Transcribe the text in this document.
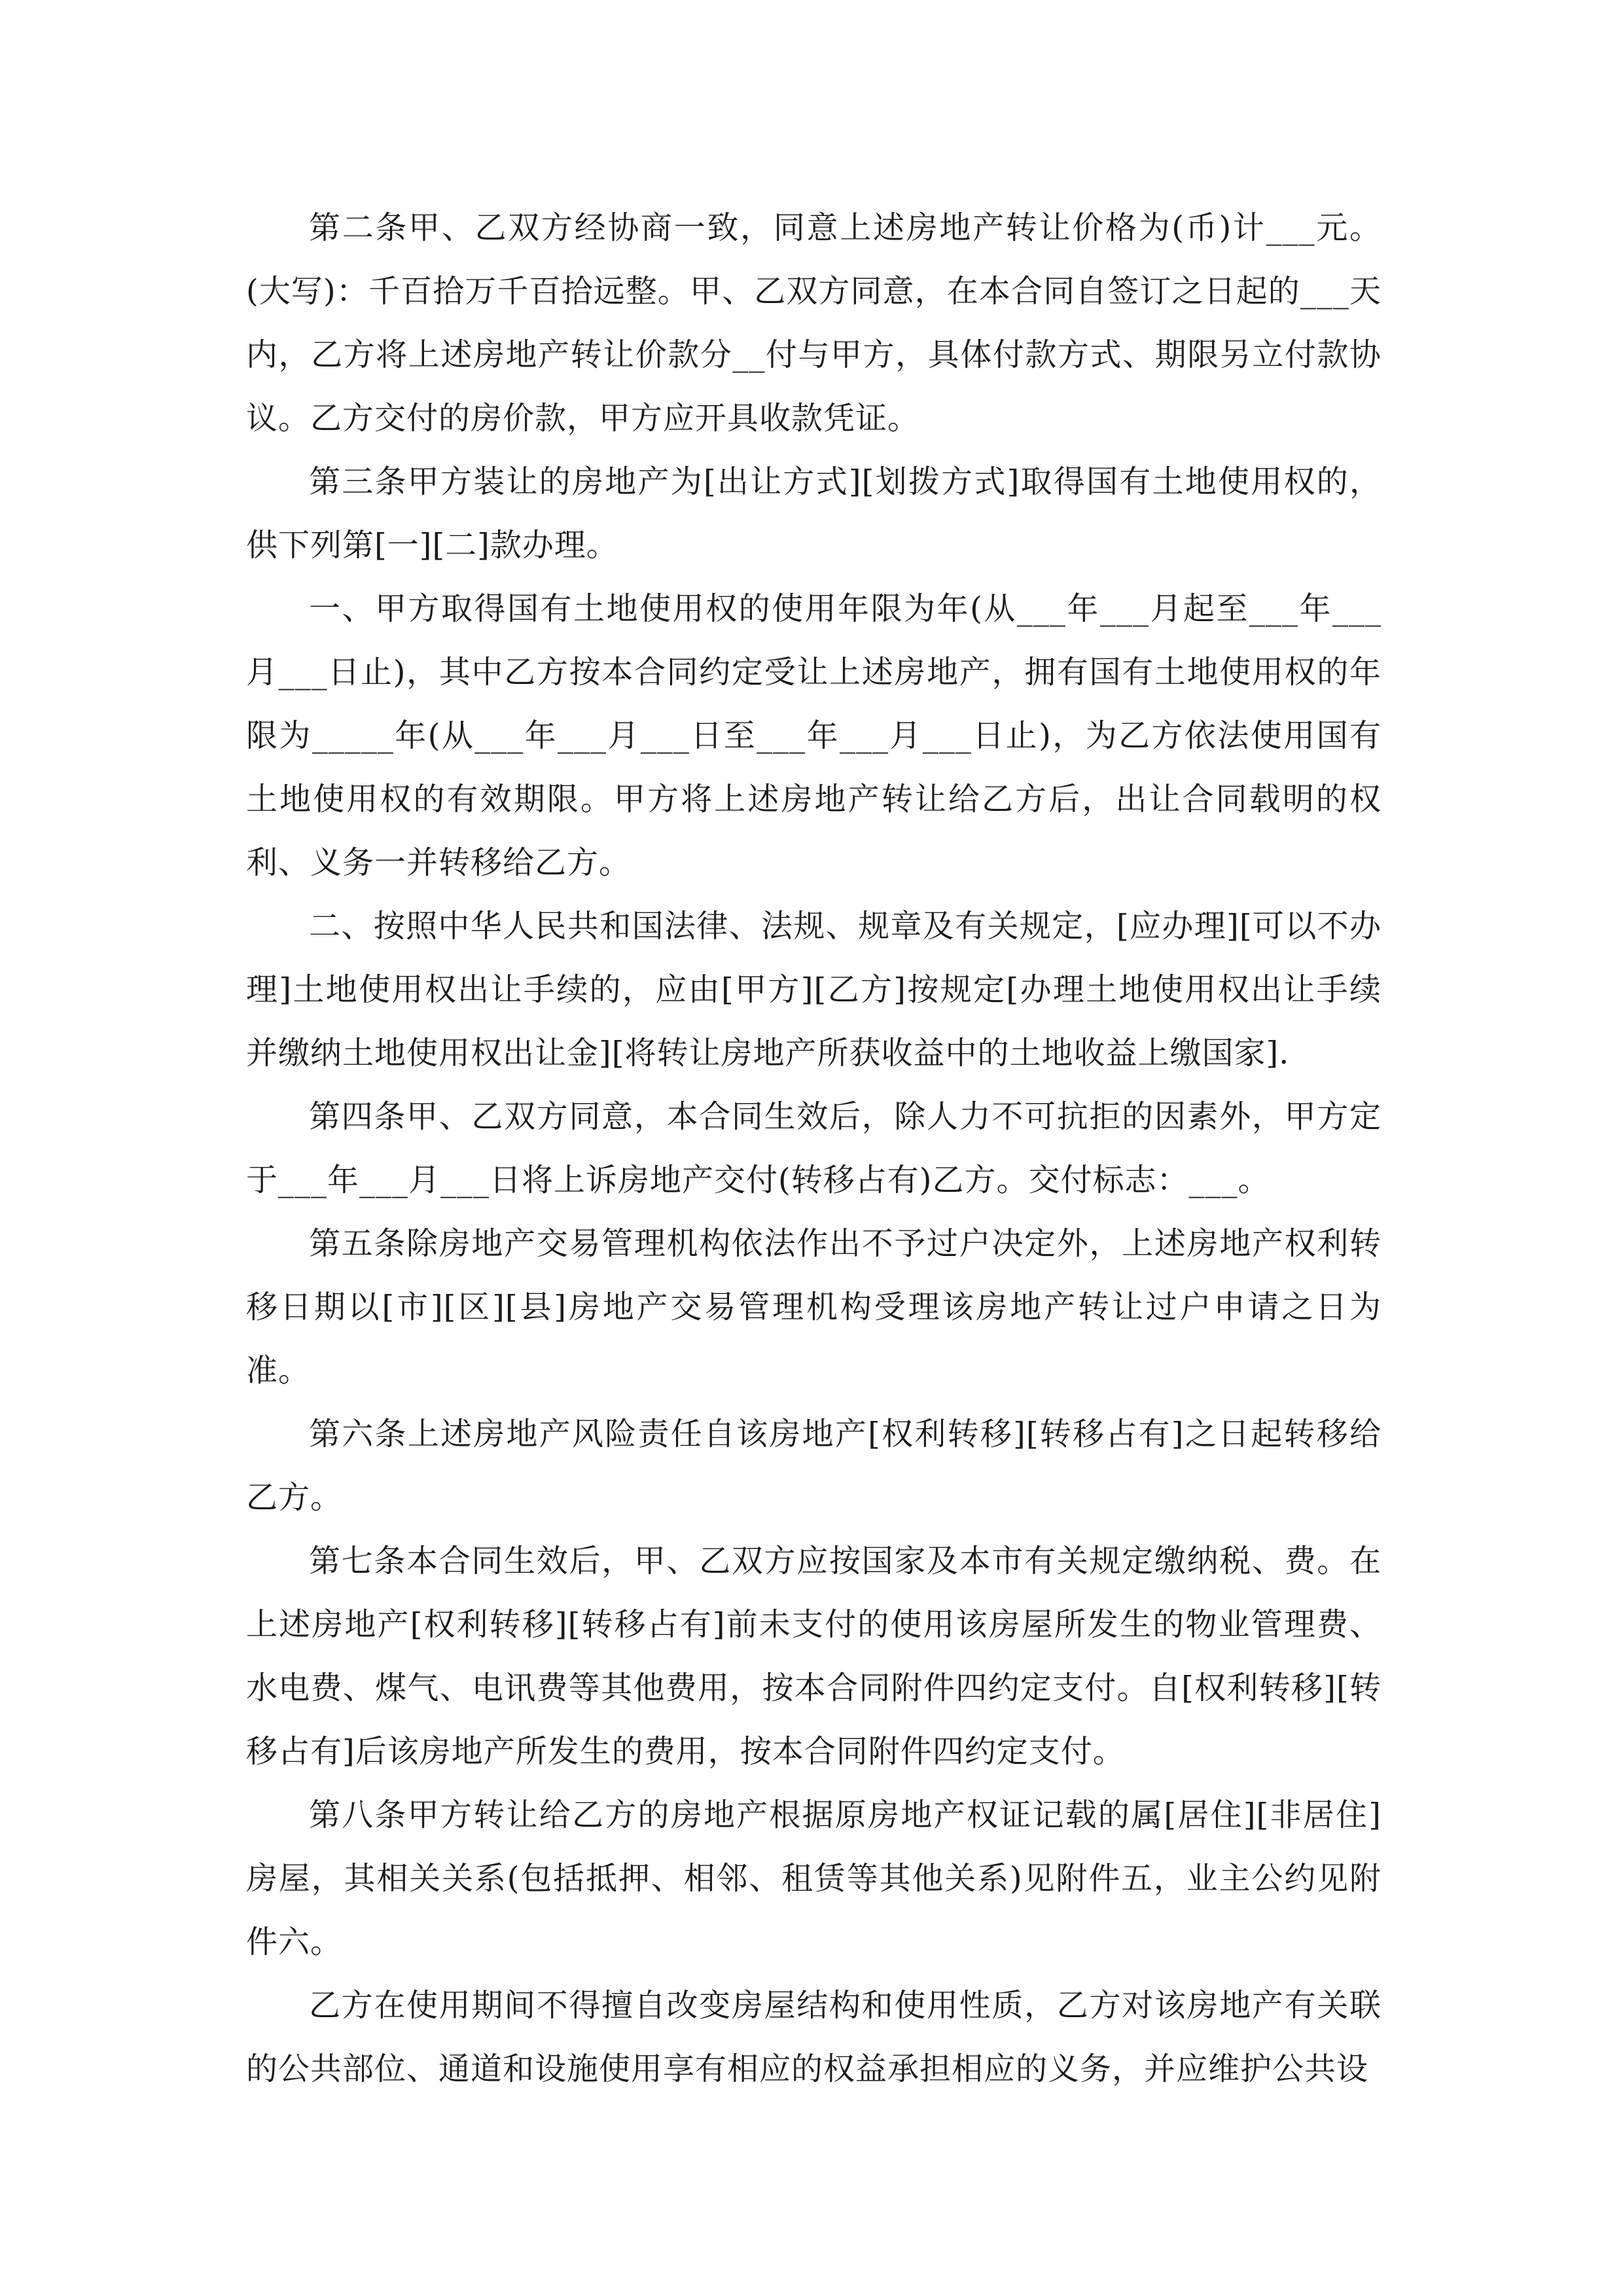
第二条甲、乙双方经协商一致，同意上述房地产转让价格为(币)计___元。(大写)：千百拾万千百拾远整。甲、乙双方同意，在本合同自签订之日起的___天内，乙方将上述房地产转让价款分__付与甲方，具体付款方式、期限另立付款协议。乙方交付的房价款，甲方应开具收款凭证。

第三条甲方装让的房地产为[出让方式][划拨方式]取得国有土地使用权的，供下列第[一][二]款办理。

一、甲方取得国有土地使用权的使用年限为年(从___年___月起至___年___月___日止)，其中乙方按本合同约定受让上述房地产，拥有国有土地使用权的年限为_____年(从___年___月___日至___年___月___日止)，为乙方依法使用国有土地使用权的有效期限。甲方将上述房地产转让给乙方后，出让合同载明的权利、义务一并转移给乙方。

二、按照中华人民共和国法律、法规、规章及有关规定，[应办理][可以不办理]土地使用权出让手续的，应由[甲方][乙方]按规定[办理土地使用权出让手续并缴纳土地使用权出让金][将转让房地产所获收益中的土地收益上缴国家].

第四条甲、乙双方同意，本合同生效后，除人力不可抗拒的因素外，甲方定于___年___月___日将上诉房地产交付(转移占有)乙方。交付标志：___。

第五条除房地产交易管理机构依法作出不予过户决定外，上述房地产权利转移日期以[市][区][县]房地产交易管理机构受理该房地产转让过户申请之日为准。

第六条上述房地产风险责任自该房地产[权利转移][转移占有]之日起转移给乙方。

第七条本合同生效后，甲、乙双方应按国家及本市有关规定缴纳税、费。在上述房地产[权利转移][转移占有]前未支付的使用该房屋所发生的物业管理费、水电费、煤气、电讯费等其他费用，按本合同附件四约定支付。自[权利转移][转移占有]后该房地产所发生的费用，按本合同附件四约定支付。

第八条甲方转让给乙方的房地产根据原房地产权证记载的属[居住][非居住]房屋，其相关关系(包括抵押、相邻、租赁等其他关系)见附件五，业主公约见附件六。

乙方在使用期间不得擅自改变房屋结构和使用性质，乙方对该房地产有关联的公共部位、通道和设施使用享有相应的权益承担相应的义务，并应维护公共设
